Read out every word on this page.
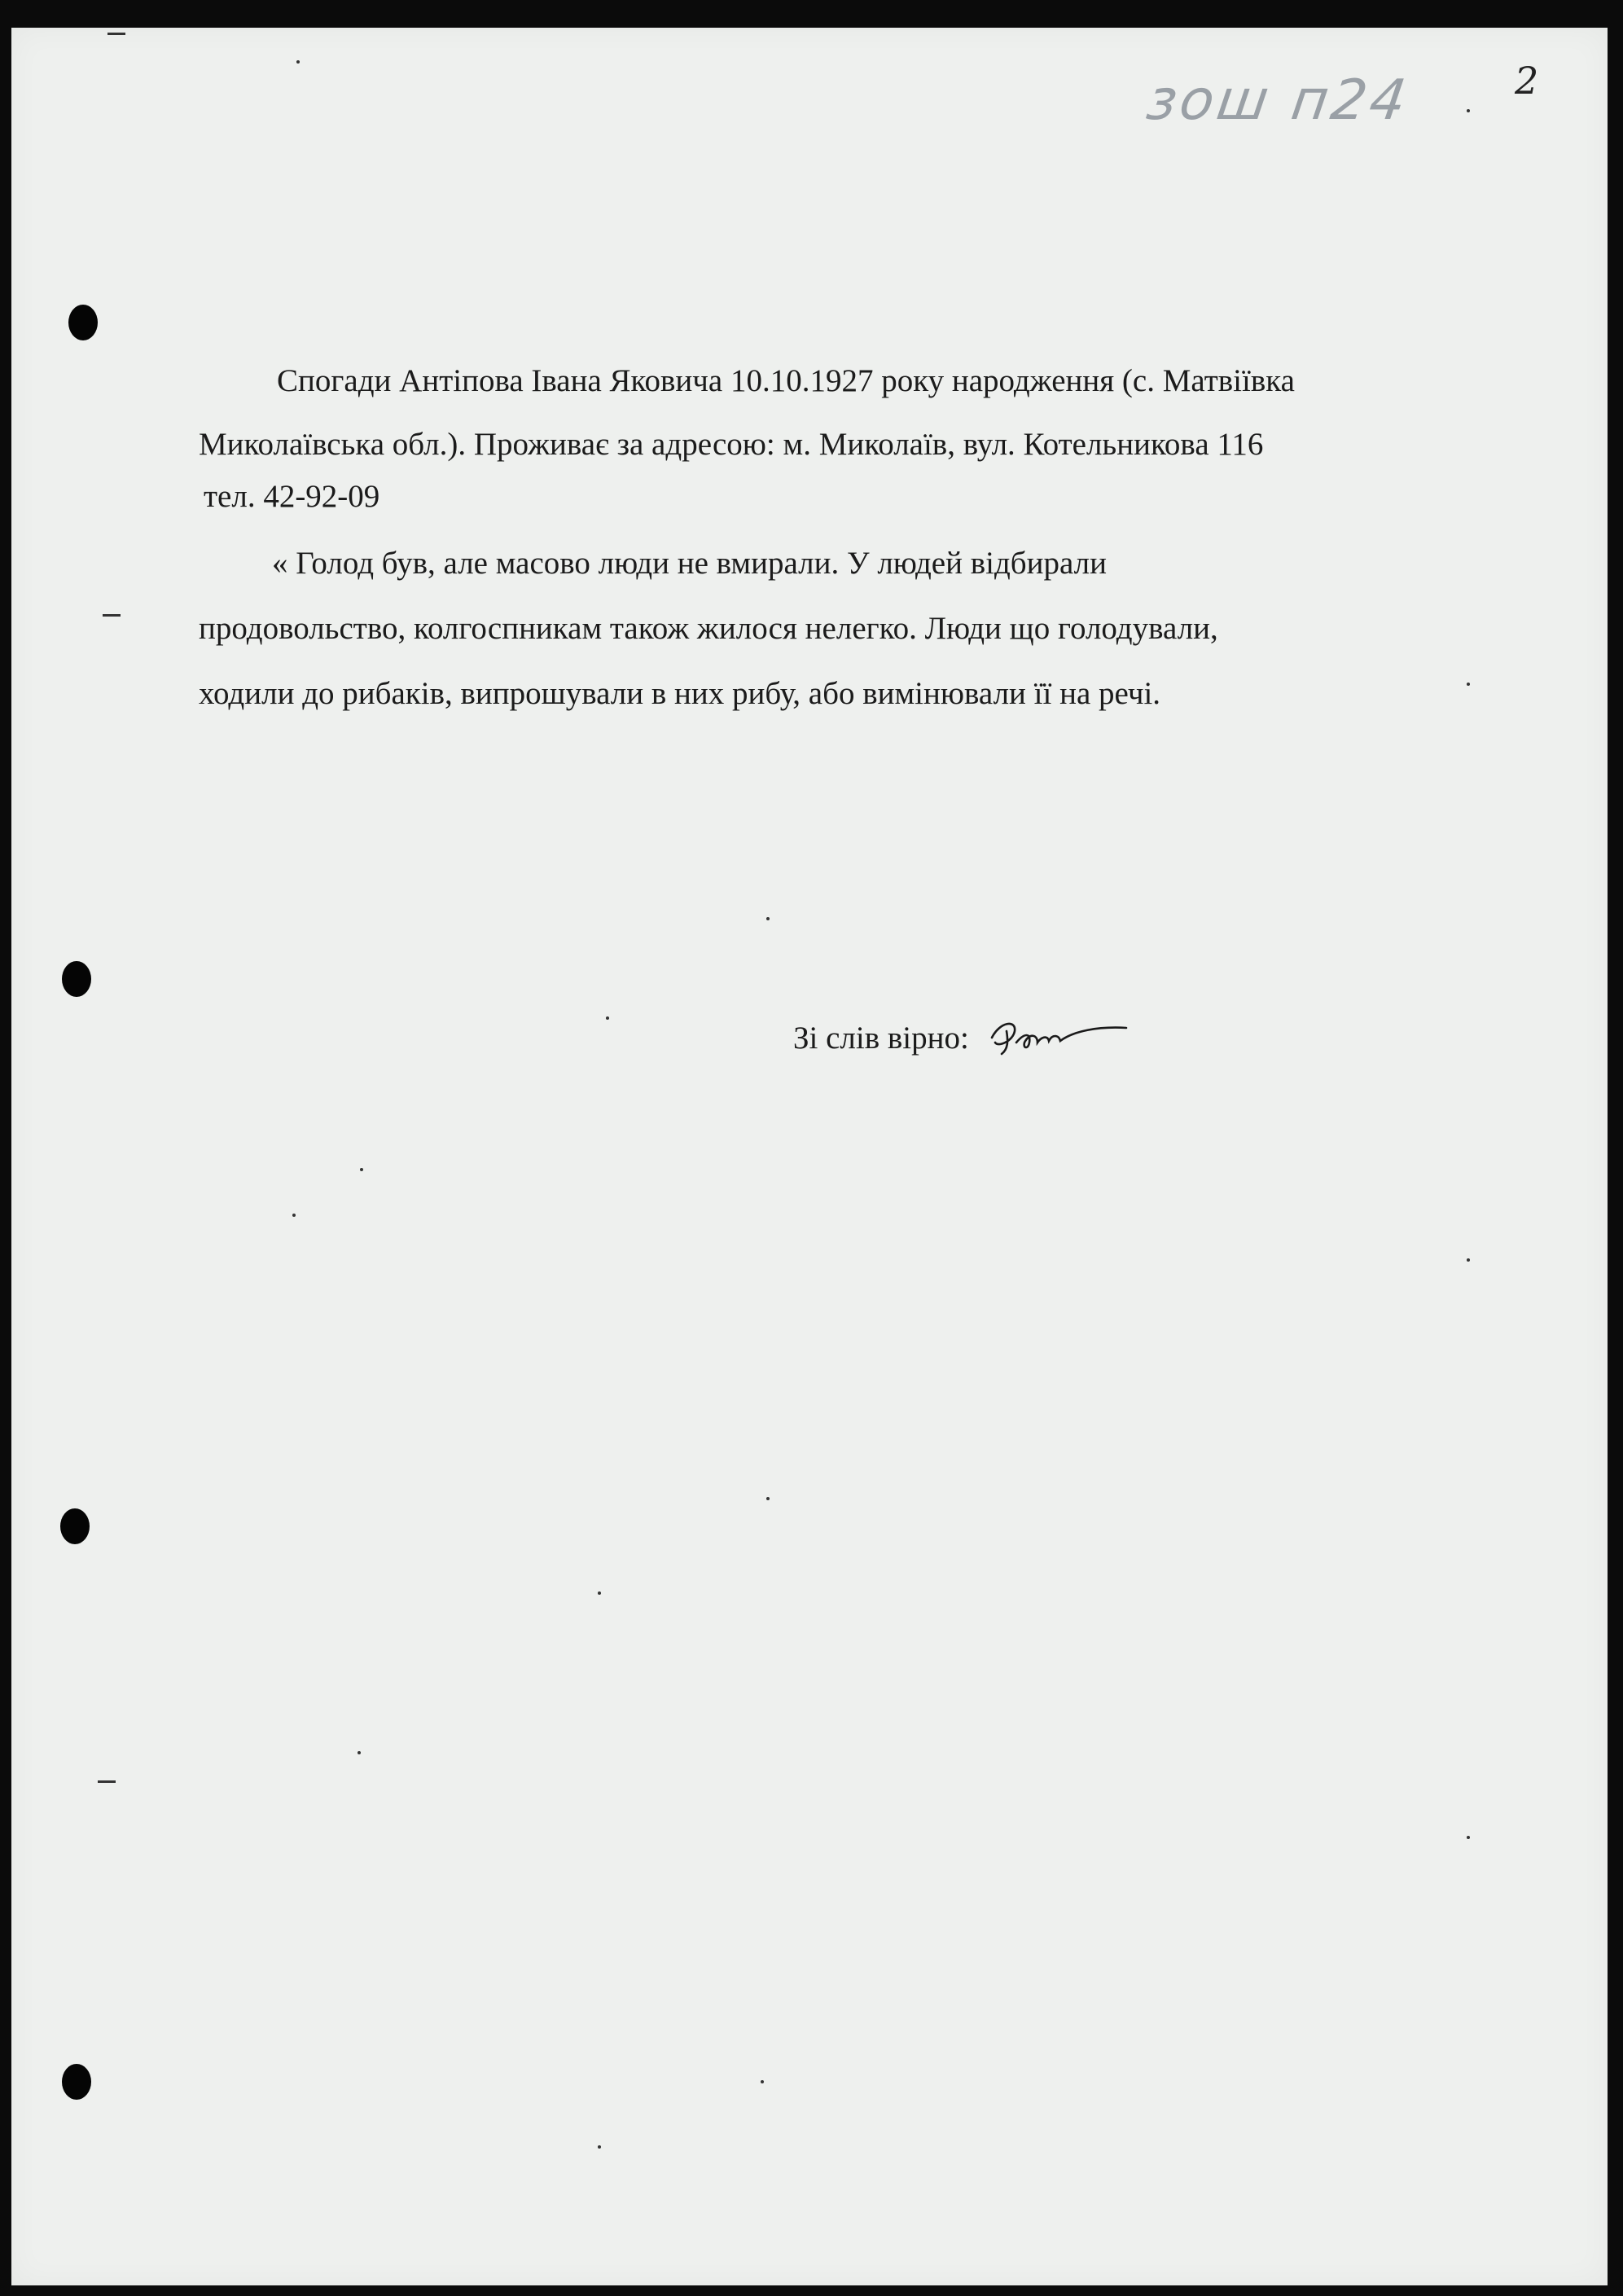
зош п24	2
Спогади Антіпова Івана Яковича 10.10.1927 року народження (с. Матвіївка
Миколаївська обл.). Проживає за адресою: м. Миколаїв, вул. Котельникова 116
тел. 42-92-09
« Голод був, але масово люди не вмирали. У людей відбирали
продовольство, колгоспникам також жилося нелегко. Люди що голодували,
ходили до рибаків, випрошували в них рибу, або вимінювали її на речі.
Зі слів вірно:
